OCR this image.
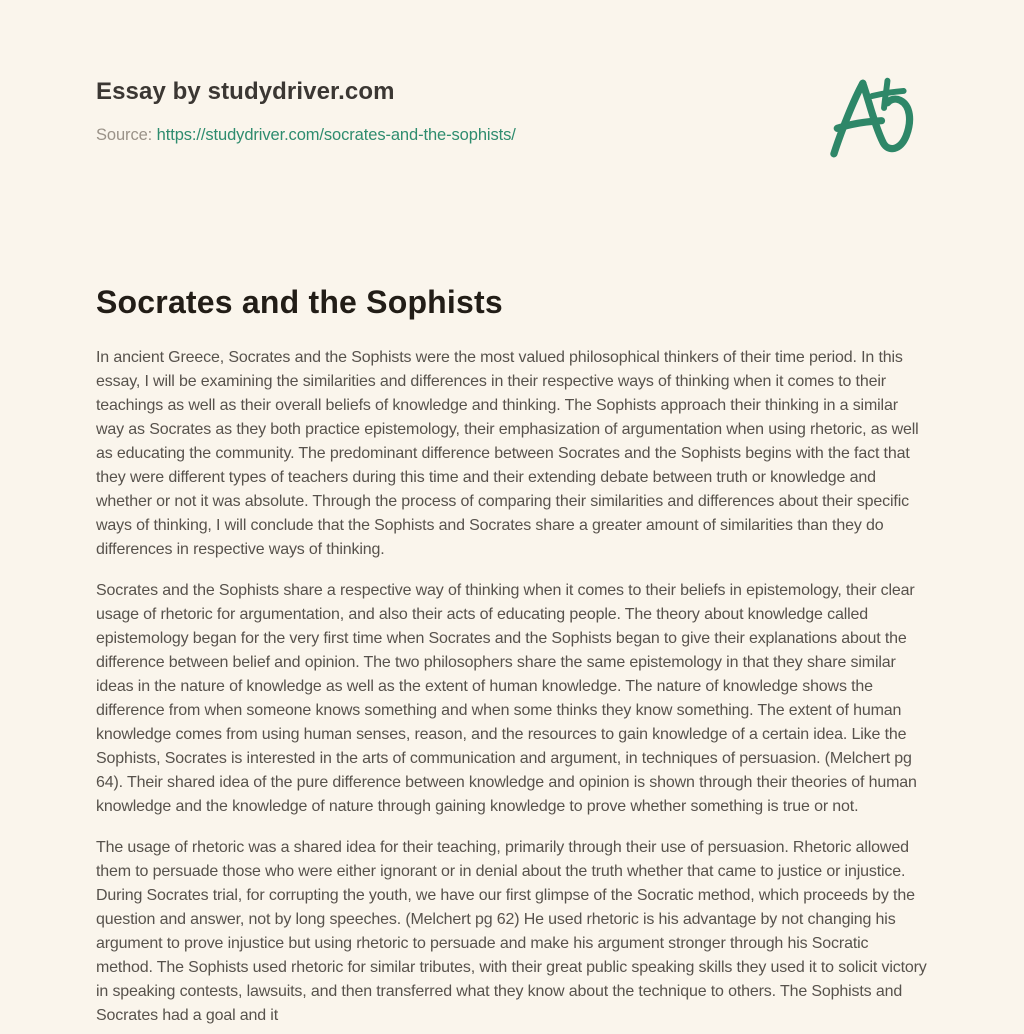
Essay by studydriver.com
Source: https://studydriver.com/socrates-and-the-sophists/
Socrates and the Sophists

In ancient Greece, Socrates and the Sophists were the most valued philosophical thinkers of their time period. In this essay, I will be examining the similarities and differences in their respective ways of thinking when it comes to their teachings as well as their overall beliefs of knowledge and thinking. The Sophists approach their thinking in a similar way as Socrates as they both practice epistemology, their emphasization of argumentation when using rhetoric, as well as educating the community. The predominant difference between Socrates and the Sophists begins with the fact that they were different types of teachers during this time and their extending debate between truth or knowledge and whether or not it was absolute. Through the process of comparing their similarities and differences about their specific ways of thinking, I will conclude that the Sophists and Socrates share a greater amount of similarities than they do differences in respective ways of thinking.

Socrates and the Sophists share a respective way of thinking when it comes to their beliefs in epistemology, their clear usage of rhetoric for argumentation, and also their acts of educating people. The theory about knowledge called epistemology began for the very first time when Socrates and the Sophists began to give their explanations about the difference between belief and opinion. The two philosophers share the same epistemology in that they share similar ideas in the nature of knowledge as well as the extent of human knowledge. The nature of knowledge shows the difference from when someone knows something and when some thinks they know something. The extent of human knowledge comes from using human senses, reason, and the resources to gain knowledge of a certain idea. Like the Sophists, Socrates is interested in the arts of communication and argument, in techniques of persuasion. (Melchert pg 64). Their shared idea of the pure difference between knowledge and opinion is shown through their theories of human knowledge and the knowledge of nature through gaining knowledge to prove whether something is true or not.

The usage of rhetoric was a shared idea for their teaching, primarily through their use of persuasion. Rhetoric allowed them to persuade those who were either ignorant or in denial about the truth whether that came to justice or injustice. During Socrates trial, for corrupting the youth, we have our first glimpse of the Socratic method, which proceeds by the question and answer, not by long speeches. (Melchert pg 62) He used rhetoric is his advantage by not changing his argument to prove injustice but using rhetoric to persuade and make his argument stronger through his Socratic method. The Sophists used rhetoric for similar tributes, with their great public speaking skills they used it to solicit victory in speaking contests, lawsuits, and then transferred what they know about the technique to others. The Sophists and Socrates had a goal and it
